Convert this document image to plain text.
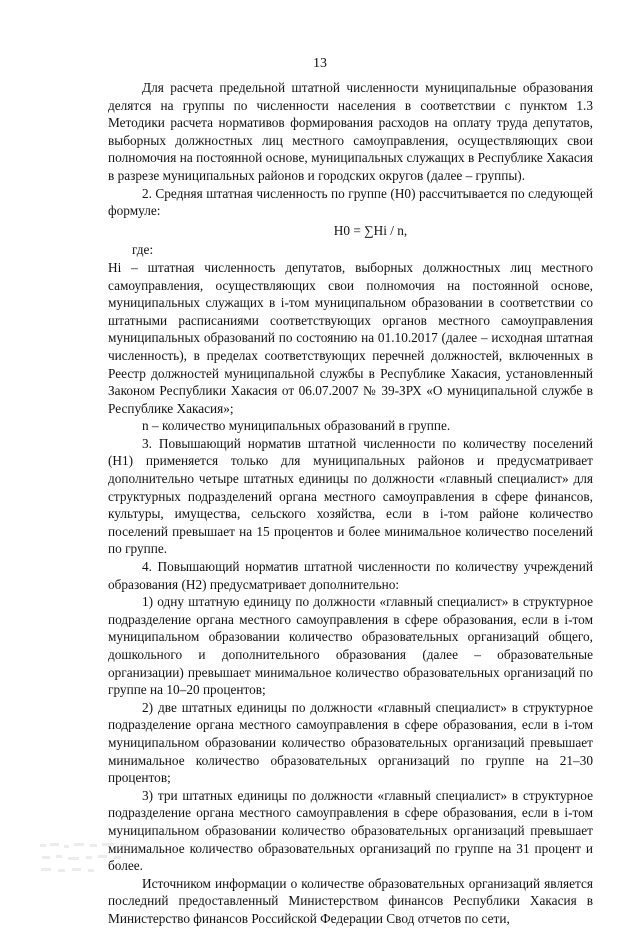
13

Для расчета предельной штатной численности муниципальные образования делятся на группы по численности населения в соответствии с пунктом 1.3 Методики расчета нормативов формирования расходов на оплату труда депутатов, выборных должностных лиц местного самоуправления, осуществляющих свои полномочия на постоянной основе, муниципальных служащих в Республике Хакасия в разрезе муниципальных районов и городских округов (далее – группы).

2. Средняя штатная численность по группе (Н0) рассчитывается по следующей формуле:

Н0 = ∑Нi / n,

где:

Нi – штатная численность депутатов, выборных должностных лиц местного самоуправления, осуществляющих свои полномочия на постоянной основе, муниципальных служащих в i-том муниципальном образовании в соответствии со штатными расписаниями соответствующих органов местного самоуправления муниципальных образований по состоянию на 01.10.2017 (далее – исходная штатная численность), в пределах соответствующих перечней должностей, включенных в Реестр должностей муниципальной службы в Республике Хакасия, установленный Законом Республики Хакасия от 06.07.2007 № 39-ЗРХ «О муниципальной службе в Республике Хакасия»;

n – количество муниципальных образований в группе.

3. Повышающий норматив штатной численности по количеству поселений (Н1) применяется только для муниципальных районов и предусматривает дополнительно четыре штатных единицы по должности «главный специалист» для структурных подразделений органа местного самоуправления в сфере финансов, культуры, имущества, сельского хозяйства, если в i-том районе количество поселений превышает на 15 процентов и более минимальное количество поселений по группе.

4. Повышающий норматив штатной численности по количеству учреждений образования (Н2) предусматривает дополнительно:

1) одну штатную единицу по должности «главный специалист» в структурное подразделение органа местного самоуправления в сфере образования, если в i-том муниципальном образовании количество образовательных организаций общего, дошкольного и дополнительного образования (далее – образовательные организации) превышает минимальное количество образовательных организаций по группе на 10–20 процентов;

2) две штатных единицы по должности «главный специалист» в структурное подразделение органа местного самоуправления в сфере образования, если в i-том муниципальном образовании количество образовательных организаций превышает минимальное количество образовательных организаций по группе на 21–30 процентов;

3) три штатных единицы по должности «главный специалист» в структурное подразделение органа местного самоуправления в сфере образования, если в i-том муниципальном образовании количество образовательных организаций превышает минимальное количество образовательных организаций по группе на 31 процент и более.

Источником информации о количестве образовательных организаций является последний предоставленный Министерством финансов Республики Хакасия в Министерство финансов Российской Федерации Свод отчетов по сети,
